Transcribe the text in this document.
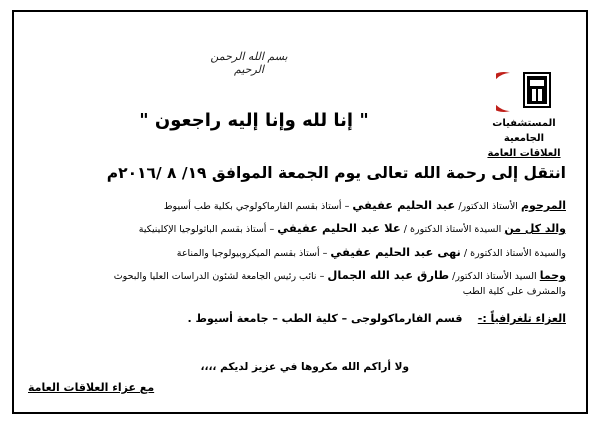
المستشفيات الجامعية
العلاقات العامة
بسم الله الرحمن الرحيم
" إنا لله وإنا إليه راجعون "
انتقل إلى رحمة الله تعالى يوم الجمعة الموافق ١٩/ ٨ /٢٠١٦م
المرحوم الأستاذ الدكتور/ عبد الحليم عفيفي – أستاذ بقسم الفارماكولوجي بكلية طب أسيوط
والد كل من السيدة الأستاذ الدكتورة / علا عبد الحليم عفيفي – أستاذ بقسم الباثولوجيا الإكلينيكية
والسيدة الأستاذ الدكتورة / نهى عبد الحليم عفيفي – أستاذ بقسم الميكروبيولوجيا والمناعة
وحما السيد الأستاذ الدكتور/ طارق عبد الله الجمال – نائب رئيس الجامعة لشئون الدراسات العليا والبحوث
والمشرف على كلية الطب
العزاء تلغرافياً :-    قسم الفارماكولوجى – كلية الطب – جامعة أسيوط .
ولا أراكم الله مكروها في عزيز لديكم ،،،،
مع عزاء العلاقات العامة
